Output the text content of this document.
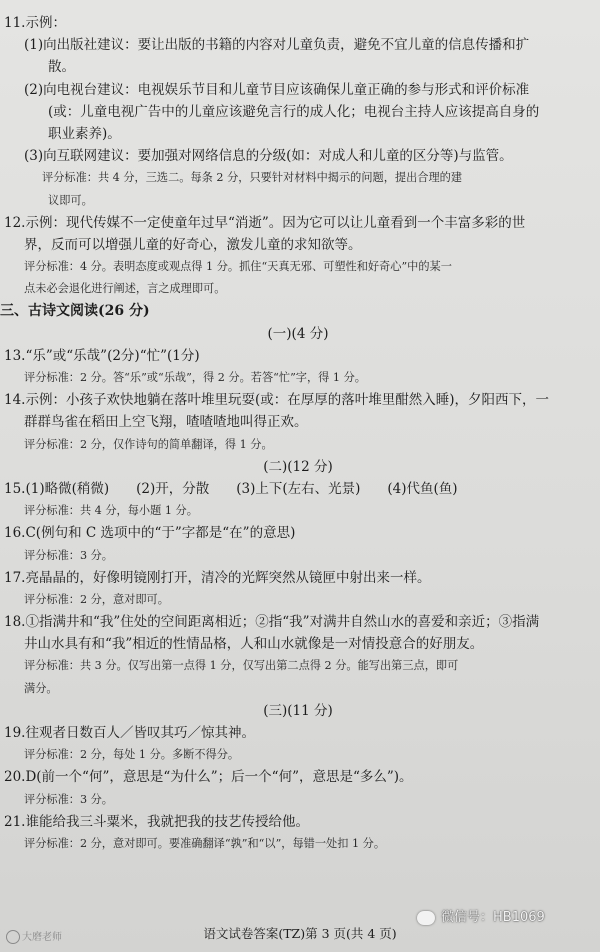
11.示例：
(1)向出版社建议：要让出版的书籍的内容对儿童负责，避免不宜儿童的信息传播和扩
散。
(2)向电视台建议：电视娱乐节目和儿童节目应该确保儿童正确的参与形式和评价标准
(或：儿童电视广告中的儿童应该避免言行的成人化；电视台主持人应该提高自身的
职业素养)。
(3)向互联网建议：要加强对网络信息的分级(如：对成人和儿童的区分等)与监管。
评分标准：共 4 分，三选二。每条 2 分，只要针对材料中揭示的问题，提出合理的建
议即可。
12.示例：现代传媒不一定使童年过早“消逝”。因为它可以让儿童看到一个丰富多彩的世
界，反而可以增强儿童的好奇心，激发儿童的求知欲等。
评分标准：4 分。表明态度或观点得 1 分。抓住“天真无邪、可塑性和好奇心”中的某一
点未必会退化进行阐述，言之成理即可。
三、古诗文阅读(26 分)
(一)(4 分)
13.“乐”或“乐哉”(2分)“忙”(1分)
评分标准：2 分。答“乐”或“乐哉”，得 2 分。若答“忙”字，得 1 分。
14.示例：小孩子欢快地躺在落叶堆里玩耍(或：在厚厚的落叶堆里酣然入睡)，夕阳西下，一
群群鸟雀在稻田上空飞翔，喳喳喳地叫得正欢。
评分标准：2 分，仅作诗句的简单翻译，得 1 分。
(二)(12 分)
15.(1)略微(稍微)　　(2)开，分散　　(3)上下(左右、光景)　　(4)代鱼(鱼)
评分标准：共 4 分，每小题 1 分。
16.C(例句和 C 选项中的“于”字都是“在”的意思)
评分标准：3 分。
17.亮晶晶的，好像明镜刚打开，清冷的光辉突然从镜匣中射出来一样。
评分标准：2 分，意对即可。
18.①指满井和“我”住处的空间距离相近；②指“我”对满井自然山水的喜爱和亲近；③指满
井山水具有和“我”相近的性情品格，人和山水就像是一对情投意合的好朋友。
评分标准：共 3 分。仅写出第一点得 1 分，仅写出第二点得 2 分。能写出第三点，即可
满分。
(三)(11 分)
19.往观者日数百人／皆叹其巧／惊其神。
评分标准：2 分，每处 1 分。多断不得分。
20.D(前一个“何”，意思是“为什么”；后一个“何”，意思是“多么”)。
评分标准：3 分。
21.谁能给我三斗粟米，我就把我的技艺传授给他。
评分标准：2 分，意对即可。要准确翻译“孰”和“以”，每错一处扣 1 分。
大磨老师	语文试卷答案(TZ)第 3 页(共 4 页)
微信号：HB1069
